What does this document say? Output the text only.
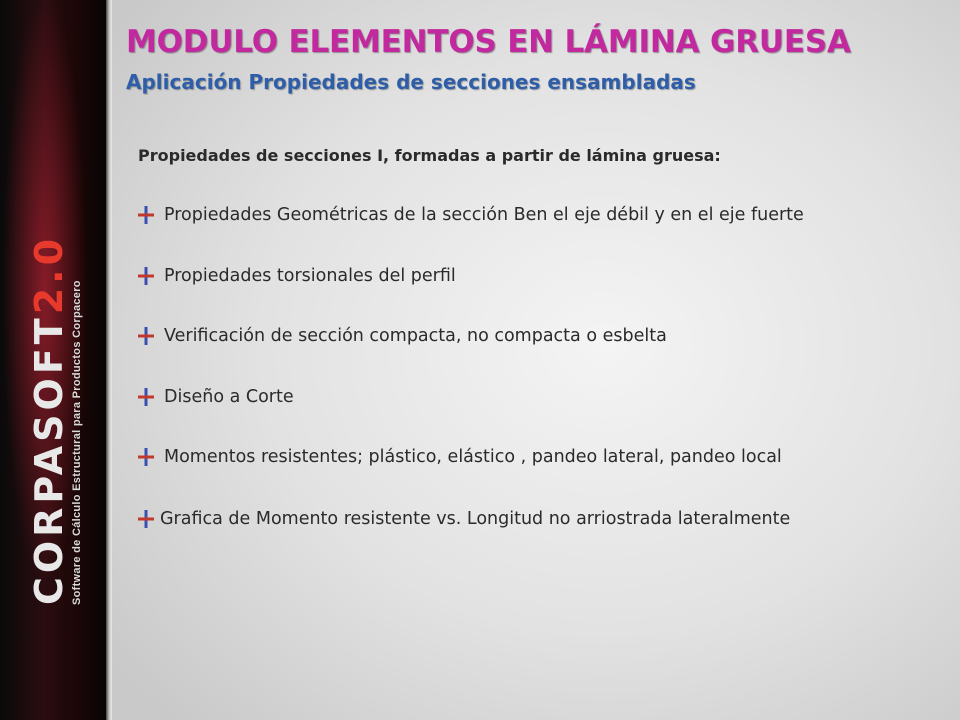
CORPASOFT2.0
Software de Cálculo Estructural para Productos Corpacero
MODULO ELEMENTOS EN LÁMINA GRUESA
Aplicación Propiedades de secciones ensambladas
Propiedades de secciones I, formadas a partir de lámina gruesa:
Propiedades Geométricas de la sección Ben el eje débil y en el eje fuerte
Propiedades torsionales del perfil
Verificación de sección compacta, no compacta o esbelta
Diseño a Corte
Momentos resistentes; plástico, elástico , pandeo lateral, pandeo local
Grafica de Momento resistente vs. Longitud no arriostrada lateralmente
